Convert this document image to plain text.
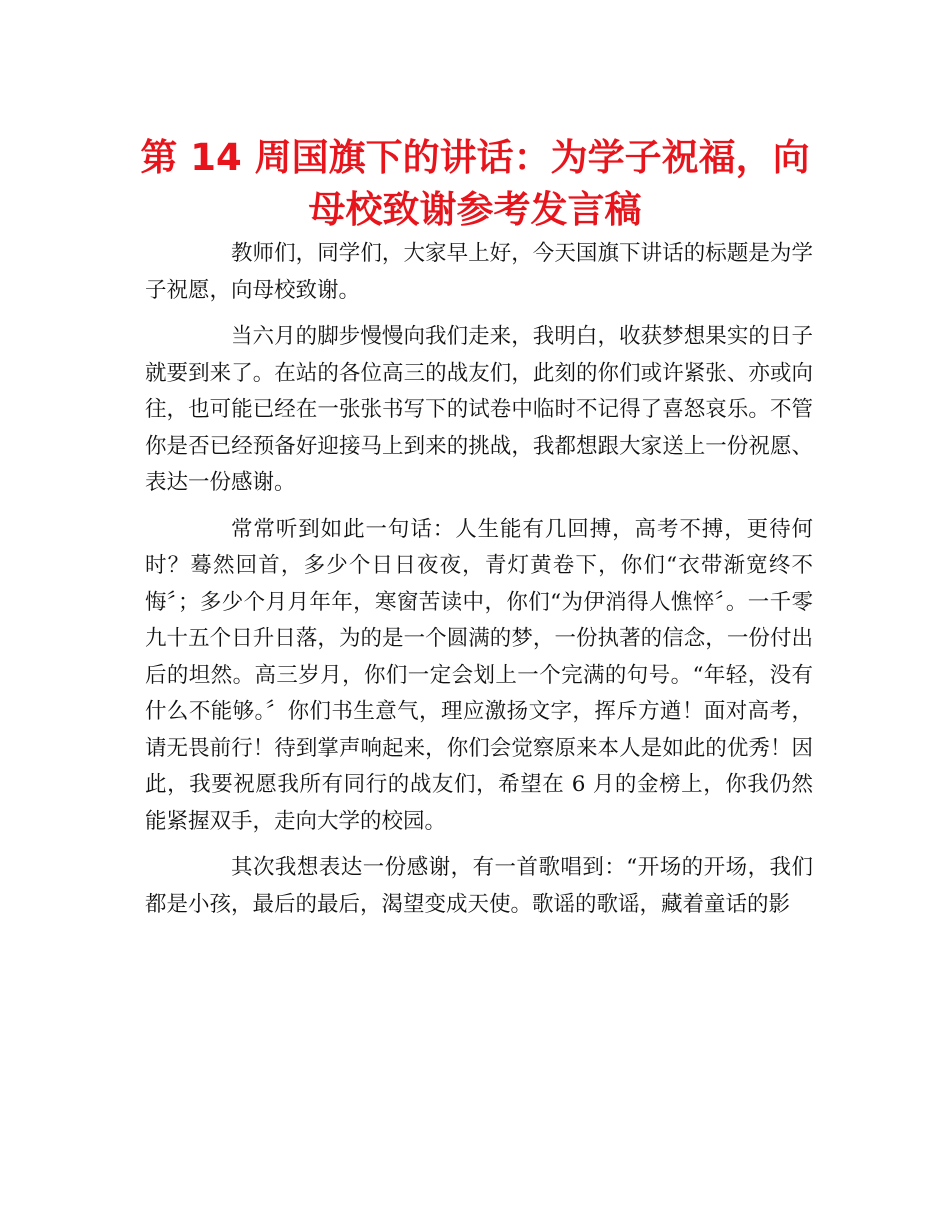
第 14 周国旗下的讲话：为学子祝福，向母校致谢参考发言稿

教师们，同学们，大家早上好，今天国旗下讲话的标题是为学子祝愿，向母校致谢。

当六月的脚步慢慢向我们走来，我明白，收获梦想果实的日子就要到来了。在站的各位高三的战友们，此刻的你们或许紧张、亦或向往，也可能已经在一张张书写下的试卷中临时不记得了喜怒哀乐。不管你是否已经预备好迎接马上到来的挑战，我都想跟大家送上一份祝愿、表达一份感谢。

常常听到如此一句话：人生能有几回搏，高考不搏，更待何时？蓦然回首，多少个日日夜夜，青灯黄卷下，你们“衣带渐宽终不悔〞；多少个月月年年，寒窗苦读中，你们“为伊消得人憔悴〞。一千零九十五个日升日落，为的是一个圆满的梦，一份执著的信念，一份付出后的坦然。高三岁月，你们一定会划上一个完满的句号。“年轻，没有什么不能够。〞你们书生意气，理应激扬文字，挥斥方遒！面对高考，请无畏前行！待到掌声响起来，你们会觉察原来本人是如此的优秀！因此，我要祝愿我所有同行的战友们，希望在 6 月的金榜上，你我仍然能紧握双手，走向大学的校园。

其次我想表达一份感谢，有一首歌唱到：“开场的开场，我们都是小孩，最后的最后，渴望变成天使。歌谣的歌谣，藏着童话的影
